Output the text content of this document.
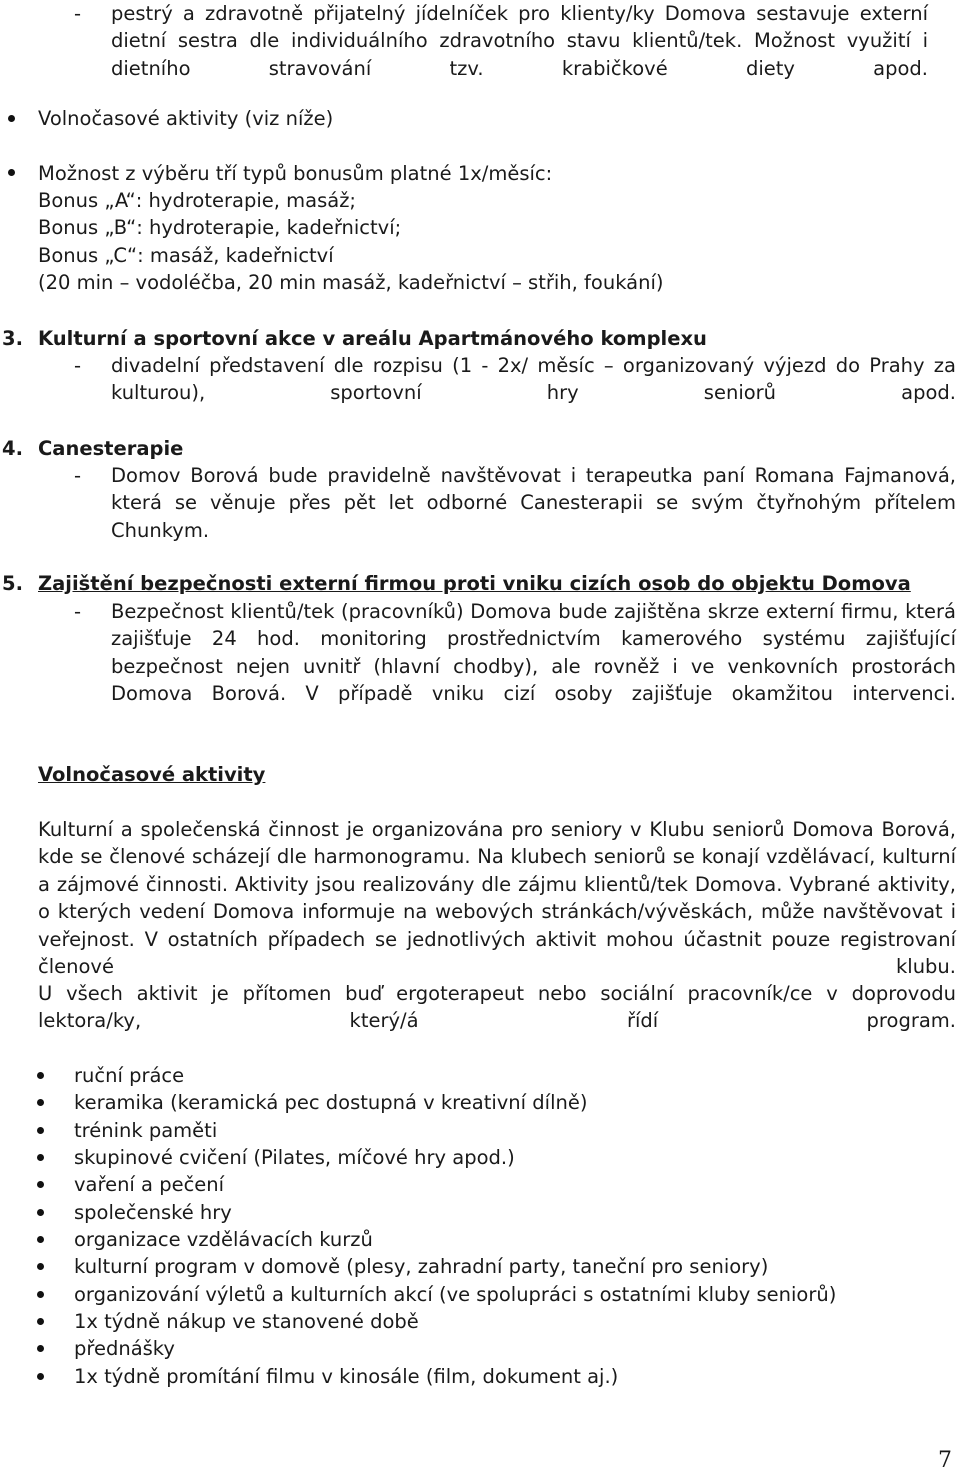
- pestrý a zdravotně přijatelný jídelníček pro klienty/ky Domova sestavuje externí dietní sestra dle individuálního zdravotního stavu klientů/tek. Možnost využití i dietního stravování tzv. krabičkové diety apod.
Volnočasové aktivity (viz níže)
Možnost z výběru tří typů bonusům platné 1x/měsíc:
Bonus „A“: hydroterapie, masáž;
Bonus „B“: hydroterapie, kadeřnictví;
Bonus „C“: masáž, kadeřnictví
(20 min – vodoléčba, 20 min masáž, kadeřnictví – střih, foukání)
3. Kulturní a sportovní akce v areálu Apartmánového komplexu
- divadelní představení dle rozpisu (1 - 2x/ měsíc – organizovaný výjezd do Prahy za kulturou), sportovní hry seniorů apod.
4. Canesterapie
- Domov Borová bude pravidelně navštěvovat i terapeutka paní Romana Fajmanová, která se věnuje přes pět let odborné Canesterapii se svým čtyřnohým přítelem Chunkym.
5. Zajištění bezpečnosti externí firmou proti vniku cizích osob do objektu Domova
- Bezpečnost klientů/tek (pracovníků) Domova bude zajištěna skrze externí firmu, která zajišťuje 24 hod. monitoring prostřednictvím kamerového systému zajišťující bezpečnost nejen uvnitř (hlavní chodby), ale rovněž i ve venkovních prostorách Domova Borová. V případě vniku cizí osoby zajišťuje okamžitou intervenci.
Volnočasové aktivity
Kulturní a společenská činnost je organizována pro seniory v Klubu seniorů Domova Borová, kde se členové scházejí dle harmonogramu. Na klubech seniorů se konají vzdělávací, kulturní a zájmové činnosti. Aktivity jsou realizovány dle zájmu klientů/tek Domova. Vybrané aktivity, o kterých vedení Domova informuje na webových stránkách/vývěskách, může navštěvovat i veřejnost. V ostatních případech se jednotlivých aktivit mohou účastnit pouze registrovaní členové klubu.
U všech aktivit je přítomen buď ergoterapeut nebo sociální pracovník/ce v doprovodu lektora/ky, který/á řídí program.
ruční práce
keramika (keramická pec dostupná v kreativní dílně)
trénink paměti
skupinové cvičení (Pilates, míčové hry apod.)
vaření a pečení
společenské hry
organizace vzdělávacích kurzů
kulturní program v domově (plesy, zahradní party, taneční pro seniory)
organizování výletů a kulturních akcí (ve spolupráci s ostatními kluby seniorů)
1x týdně nákup ve stanovené době
přednášky
1x týdně promítání filmu v kinosále (film, dokument aj.)
7
